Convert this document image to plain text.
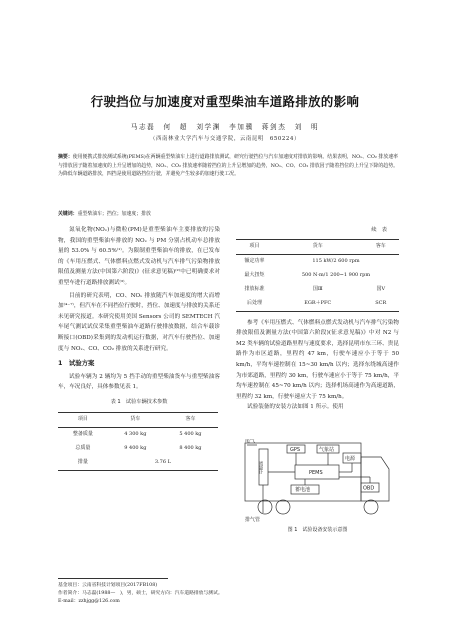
行驶挡位与加速度对重型柴油车道路排放的影响
马志磊　何　超　刘学渊　李加骥　蒋剑杰　刘　明
（西南林业大学汽车与交通学院，云南昆明　650224）
摘要：使用便携式排放测试系统(PEMS)在两辆重型柴油车上进行道路排放测试，研究行驶挡位与汽车加速度对排放的影响。结果表明，NOₓ、CO₂ 排放速率与排放因子随着加速度的上升呈增加的趋势，NOₓ、CO₂ 排放速率随着挡位的上升呈增加的趋势，NOₓ、CO、CO₂ 排放因子随着挡位的上升呈下降的趋势。为降低车辆道路排放，四挡是使用道路挡位行驶，并避免产生较多的加速行驶工况。
关键词：重型柴油车；挡位；加速度；排放

氮氧化物(NOₓ)与微粒(PM)是重型柴油车主要排放的污染物，我国的重型柴油车排放的 NOₓ 与 PM 分别占机动车总排放量的 53.0% 与 60.5%⁽¹⁾。为限制重型柴油车的排放，在已发布的《车用压燃式、气体燃料点燃式发动机与汽车排气污染物排放限值及测量方法(中国第六阶段)》(征求意见稿)⁽²⁾中已明确要求对重型车进行道路排放测试⁽³⁾。

目前的研究表明，CO、NOₓ 排放随汽车加速度的增大而增加⁽⁴⁻⁷⁾，但汽车在不同挡位行驶时，挡位、加速度与排放的关系还未见研究报道。本研究使用美国 Sensors 公司的 SEMTECH 汽车尾气测试试仪采集重型柴油车道路行驶排放数据，结合车载诊断接口(OBD)采集到的发动机运行数据，对汽车行驶挡位、加速度与 NOₓ、CO、CO₂ 排放的关系进行研究。

1　试验方案

试验车辆为 2 辆均为 5 挡手动的重型柴油货车与重型柴油客车，车况良好，具体参数见表 1。

表 1　试验车辆技术参数
项目	货车	客车
整备质量	4 300 kg	5 400 kg
总质量	9 400 kg	8 400 kg
排量	3.76 L	
续　表
项目	货车	客车
额定功率	115 kW/2 600 rpm	
最大扭矩	500 N·m/1 200~1 900 rpm	
排放标准	国Ⅲ	国Ⅴ
后处理	EGR＋PFC	SCR

参考《车用压燃式、气体燃料点燃式发动机与汽车排气污染物排放限值及测量方法(中国第六阶段)(征求意见稿)》中对 N2 与 M2 类车辆的试验道路里程与速度要求，选择昆明市东三环、贵昆路作为市区道路，里程约 47 km，行驶车速应小于等于 50 km/h，平均车速控制在 15~30 km/h 以内；选择东绕城高速作为市郊道路，里程约 30 km，行驶车速应小于等于 75 km/h，平均车速控制在 45~70 km/h 以内；选择机场高速作为高速道路，里程约 32 km，行驶车速应大于 75 km/h。

试验装备的安装方法如图 1 所示。使用

尾气
GPS	气象站
流量计	PEMS
电源
蓄电池	OBD
排气管
图 1　试验设备安装示意图
基金项目：云南省科技计划项目(2017FB108)
作者简介：马志磊(1988—　)，男，硕士，研究方向：汽车道路排放与测试。
E-mail：zzhjgg@126.com
